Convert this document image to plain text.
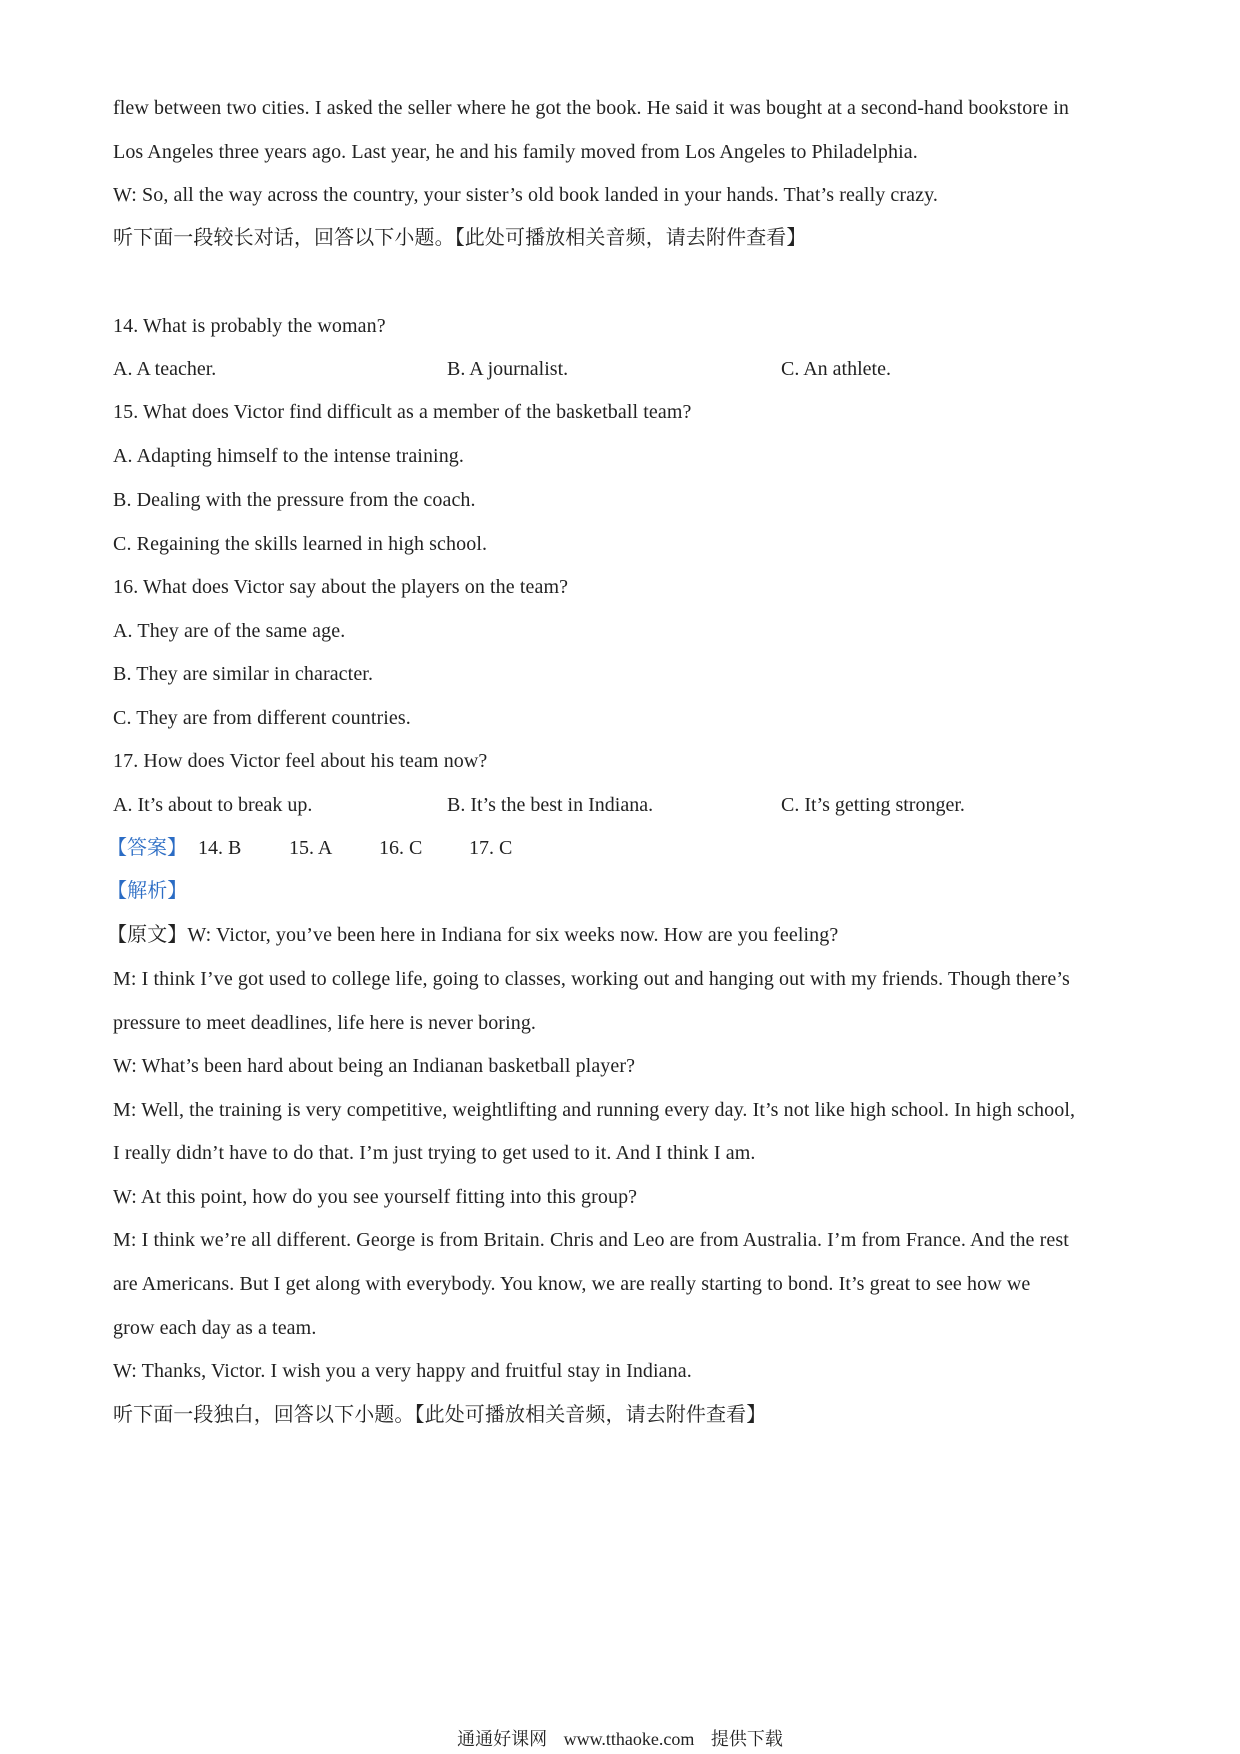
flew between two cities. I asked the seller where he got the book. He said it was bought at a second-hand bookstore in
Los Angeles three years ago. Last year, he and his family moved from Los Angeles to Philadelphia.
W: So, all the way across the country, your sister’s old book landed in your hands. That’s really crazy.
听下面一段较长对话，回答以下小题。【此处可播放相关音频，请去附件查看】
14. What is probably the woman?
A. A teacher.	B. A journalist.	C. An athlete.
15. What does Victor find difficult as a member of the basketball team?
A. Adapting himself to the intense training.
B. Dealing with the pressure from the coach.
C. Regaining the skills learned in high school.
16. What does Victor say about the players on the team?
A. They are of the same age.
B. They are similar in character.
C. They are from different countries.
17. How does Victor feel about his team now?
A. It’s about to break up.	B. It’s the best in Indiana.	C. It’s getting stronger.
【答案】 14. B 15. A 16. C 17. C
【解析】
【原文】W: Victor, you’ve been here in Indiana for six weeks now. How are you feeling?
M: I think I’ve got used to college life, going to classes, working out and hanging out with my friends. Though there’s
pressure to meet deadlines, life here is never boring.
W: What’s been hard about being an Indianan basketball player?
M: Well, the training is very competitive, weightlifting and running every day. It’s not like high school. In high school,
I really didn’t have to do that. I’m just trying to get used to it. And I think I am.
W: At this point, how do you see yourself fitting into this group?
M: I think we’re all different. George is from Britain. Chris and Leo are from Australia. I’m from France. And the rest
are Americans. But I get along with everybody. You know, we are really starting to bond. It’s great to see how we
grow each day as a team.
W: Thanks, Victor. I wish you a very happy and fruitful stay in Indiana.
听下面一段独白，回答以下小题。【此处可播放相关音频，请去附件查看】
通通好课网 www.tthaoke.com 提供下载
